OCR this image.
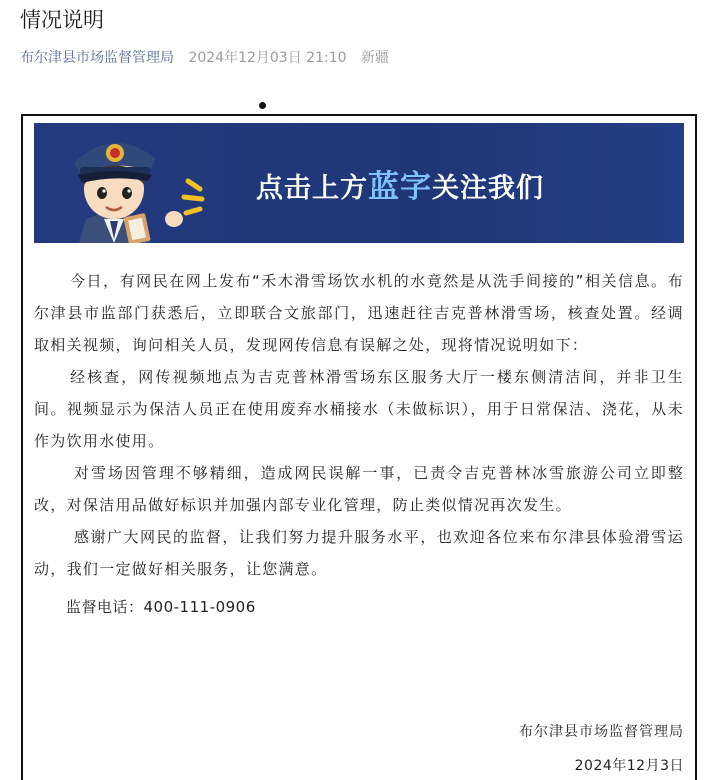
情况说明
布尔津县市场监督管理局 2024年12月03日 21:10 新疆
点击上方蓝字关注我们

今日，有网民在网上发布“禾木滑雪场饮水机的水竟然是从洗手间接的”相关信息。布尔津县市监部门获悉后，立即联合文旅部门，迅速赶往吉克普林滑雪场，核查处置。经调取相关视频，询问相关人员，发现网传信息有误解之处，现将情况说明如下：

经核查，网传视频地点为吉克普林滑雪场东区服务大厅一楼东侧清洁间，并非卫生间。视频显示为保洁人员正在使用废弃水桶接水（未做标识），用于日常保洁、浇花，从未作为饮用水使用。

对雪场因管理不够精细，造成网民误解一事，已责令吉克普林冰雪旅游公司立即整改，对保洁用品做好标识并加强内部专业化管理，防止类似情况再次发生。

感谢广大网民的监督，让我们努力提升服务水平，也欢迎各位来布尔津县体验滑雪运动，我们一定做好相关服务，让您满意。

监督电话：400-111-0906

布尔津县市场监督管理局
2024年12月3日
